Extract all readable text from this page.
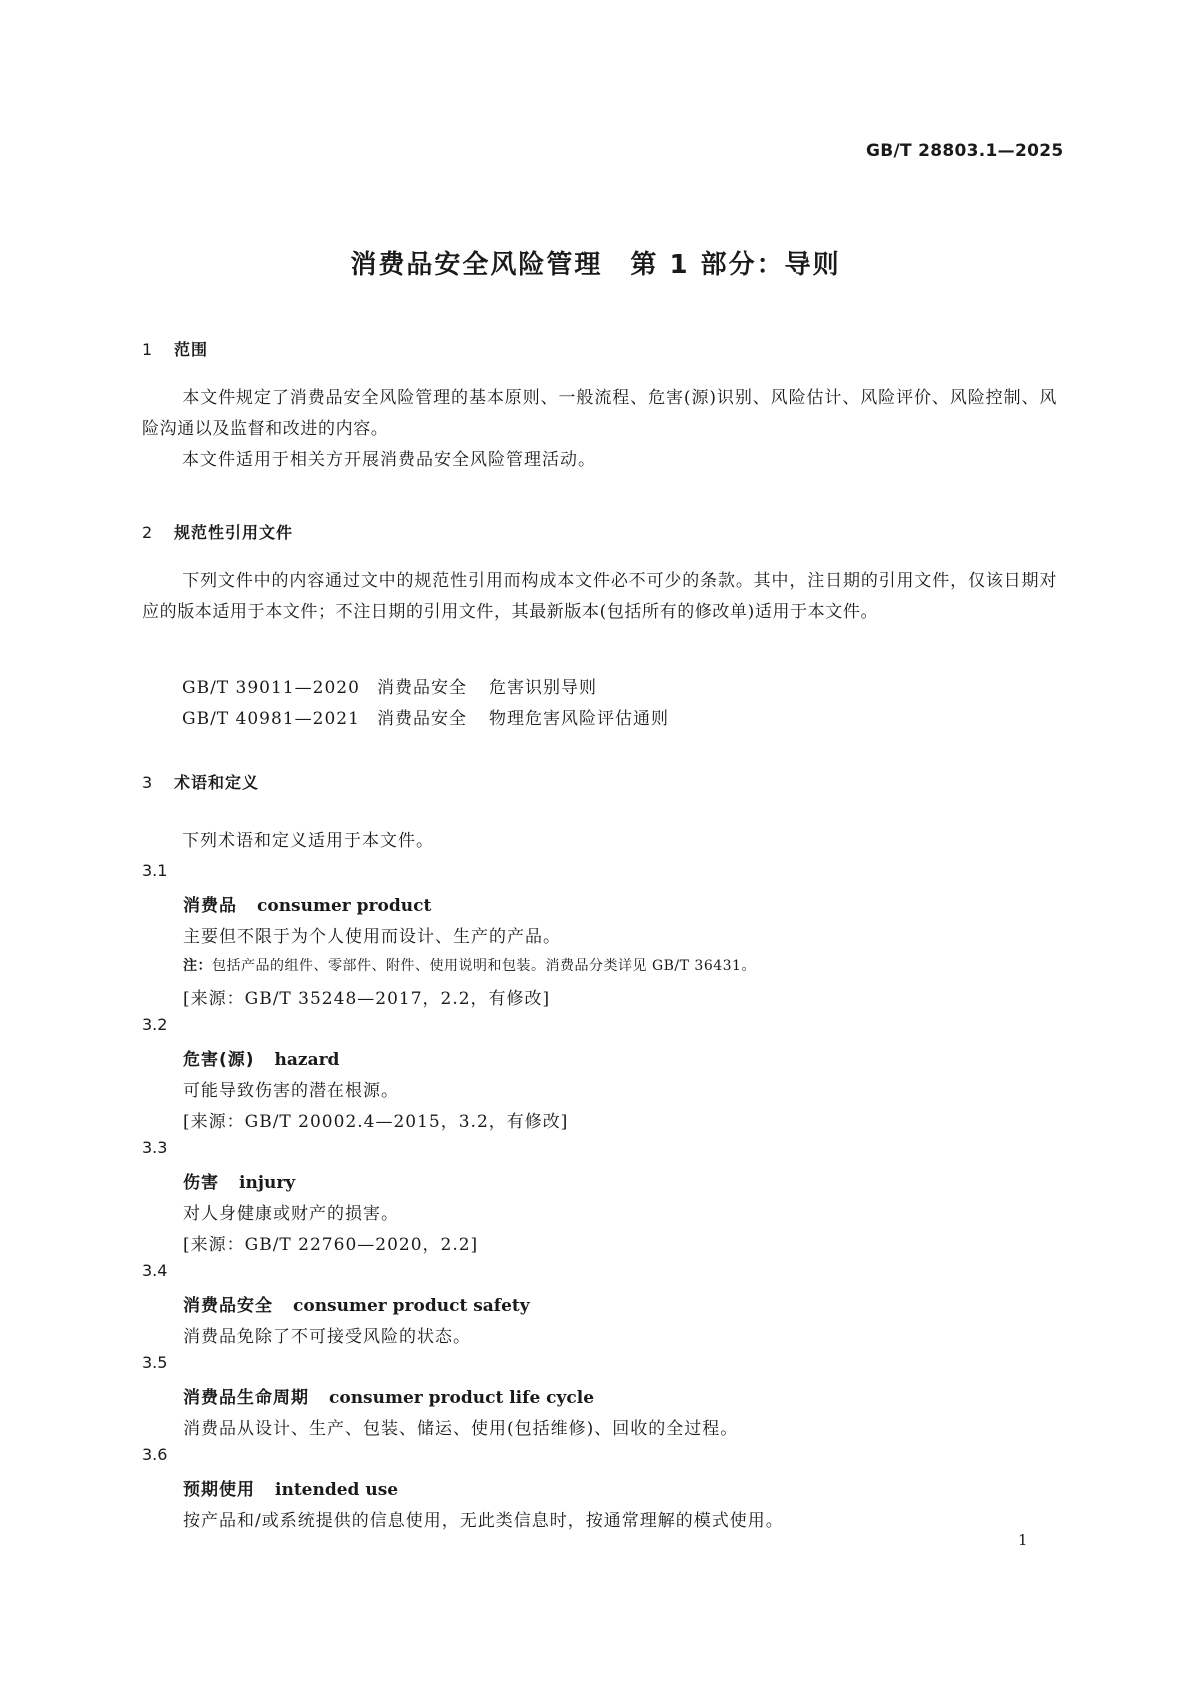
GB/T 28803.1—2025
消费品安全风险管理　第 1 部分：导则
1 范围
本文件规定了消费品安全风险管理的基本原则、一般流程、危害(源)识别、风险估计、风险评价、风险控制、风险沟通以及监督和改进的内容。
本文件适用于相关方开展消费品安全风险管理活动。
2 规范性引用文件
下列文件中的内容通过文中的规范性引用而构成本文件必不可少的条款。其中，注日期的引用文件，仅该日期对应的版本适用于本文件；不注日期的引用文件，其最新版本(包括所有的修改单)适用于本文件。
GB/T 39011—2020 消费品安全 危害识别导则
GB/T 40981—2021 消费品安全 物理危害风险评估通则
3 术语和定义
下列术语和定义适用于本文件。
3.1
消费品 consumer product
主要但不限于为个人使用而设计、生产的产品。
注：包括产品的组件、零部件、附件、使用说明和包装。消费品分类详见 GB/T 36431。
[来源：GB/T 35248—2017，2.2，有修改]
3.2
危害(源) hazard
可能导致伤害的潜在根源。
[来源：GB/T 20002.4—2015，3.2，有修改]
3.3
伤害 injury
对人身健康或财产的损害。
[来源：GB/T 22760—2020，2.2]
3.4
消费品安全 consumer product safety
消费品免除了不可接受风险的状态。
3.5
消费品生命周期 consumer product life cycle
消费品从设计、生产、包装、储运、使用(包括维修)、回收的全过程。
3.6
预期使用 intended use
按产品和/或系统提供的信息使用，无此类信息时，按通常理解的模式使用。
1
